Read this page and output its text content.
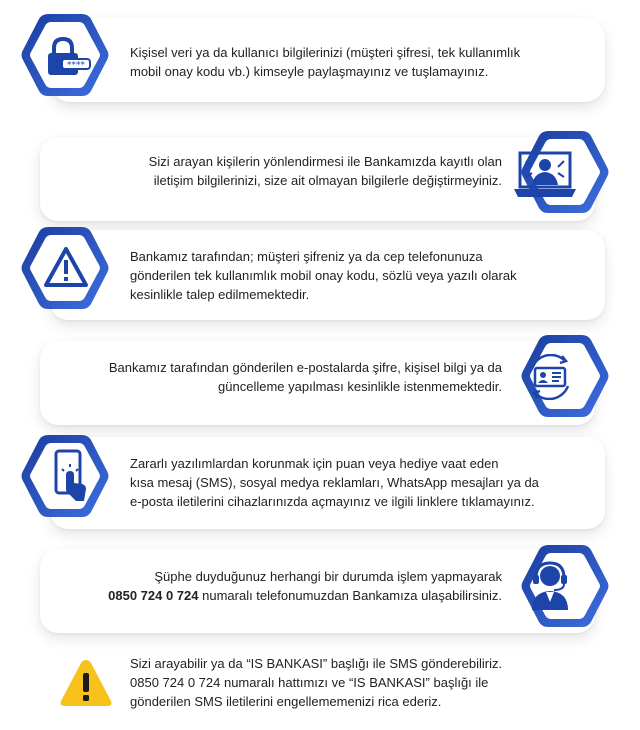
****
Kişisel veri ya da kullanıcı bilgilerinizi (müşteri şifresi, tek kullanımlık
mobil onay kodu vb.) kimseyle paylaşmayınız ve tuşlamayınız.
Sizi arayan kişilerin yönlendirmesi ile Bankamızda kayıtlı olan
iletişim bilgilerinizi, size ait olmayan bilgilerle değiştirmeyiniz.
Bankamız tarafından; müşteri şifreniz ya da cep telefonunuza
gönderilen tek kullanımlık mobil onay kodu, sözlü veya yazılı olarak
kesinlikle talep edilmemektedir.
Bankamız tarafından gönderilen e-postalarda şifre, kişisel bilgi ya da
güncelleme yapılması kesinlikle istenmemektedir.
Zararlı yazılımlardan korunmak için puan veya hediye vaat eden
kısa mesaj (SMS), sosyal medya reklamları, WhatsApp mesajları ya da
e-posta iletilerini cihazlarınızda açmayınız ve ilgili linklere tıklamayınız.
Şüphe duyduğunuz herhangi bir durumda işlem yapmayarak
0850 724 0 724 numaralı telefonumuzdan Bankamıza ulaşabilirsiniz.
Sizi arayabilir ya da “IS BANKASI” başlığı ile SMS gönderebiliriz.
0850 724 0 724 numaralı hattımızı ve “IS BANKASI” başlığı ile
gönderilen SMS iletilerini engellememenizi rica ederiz.
